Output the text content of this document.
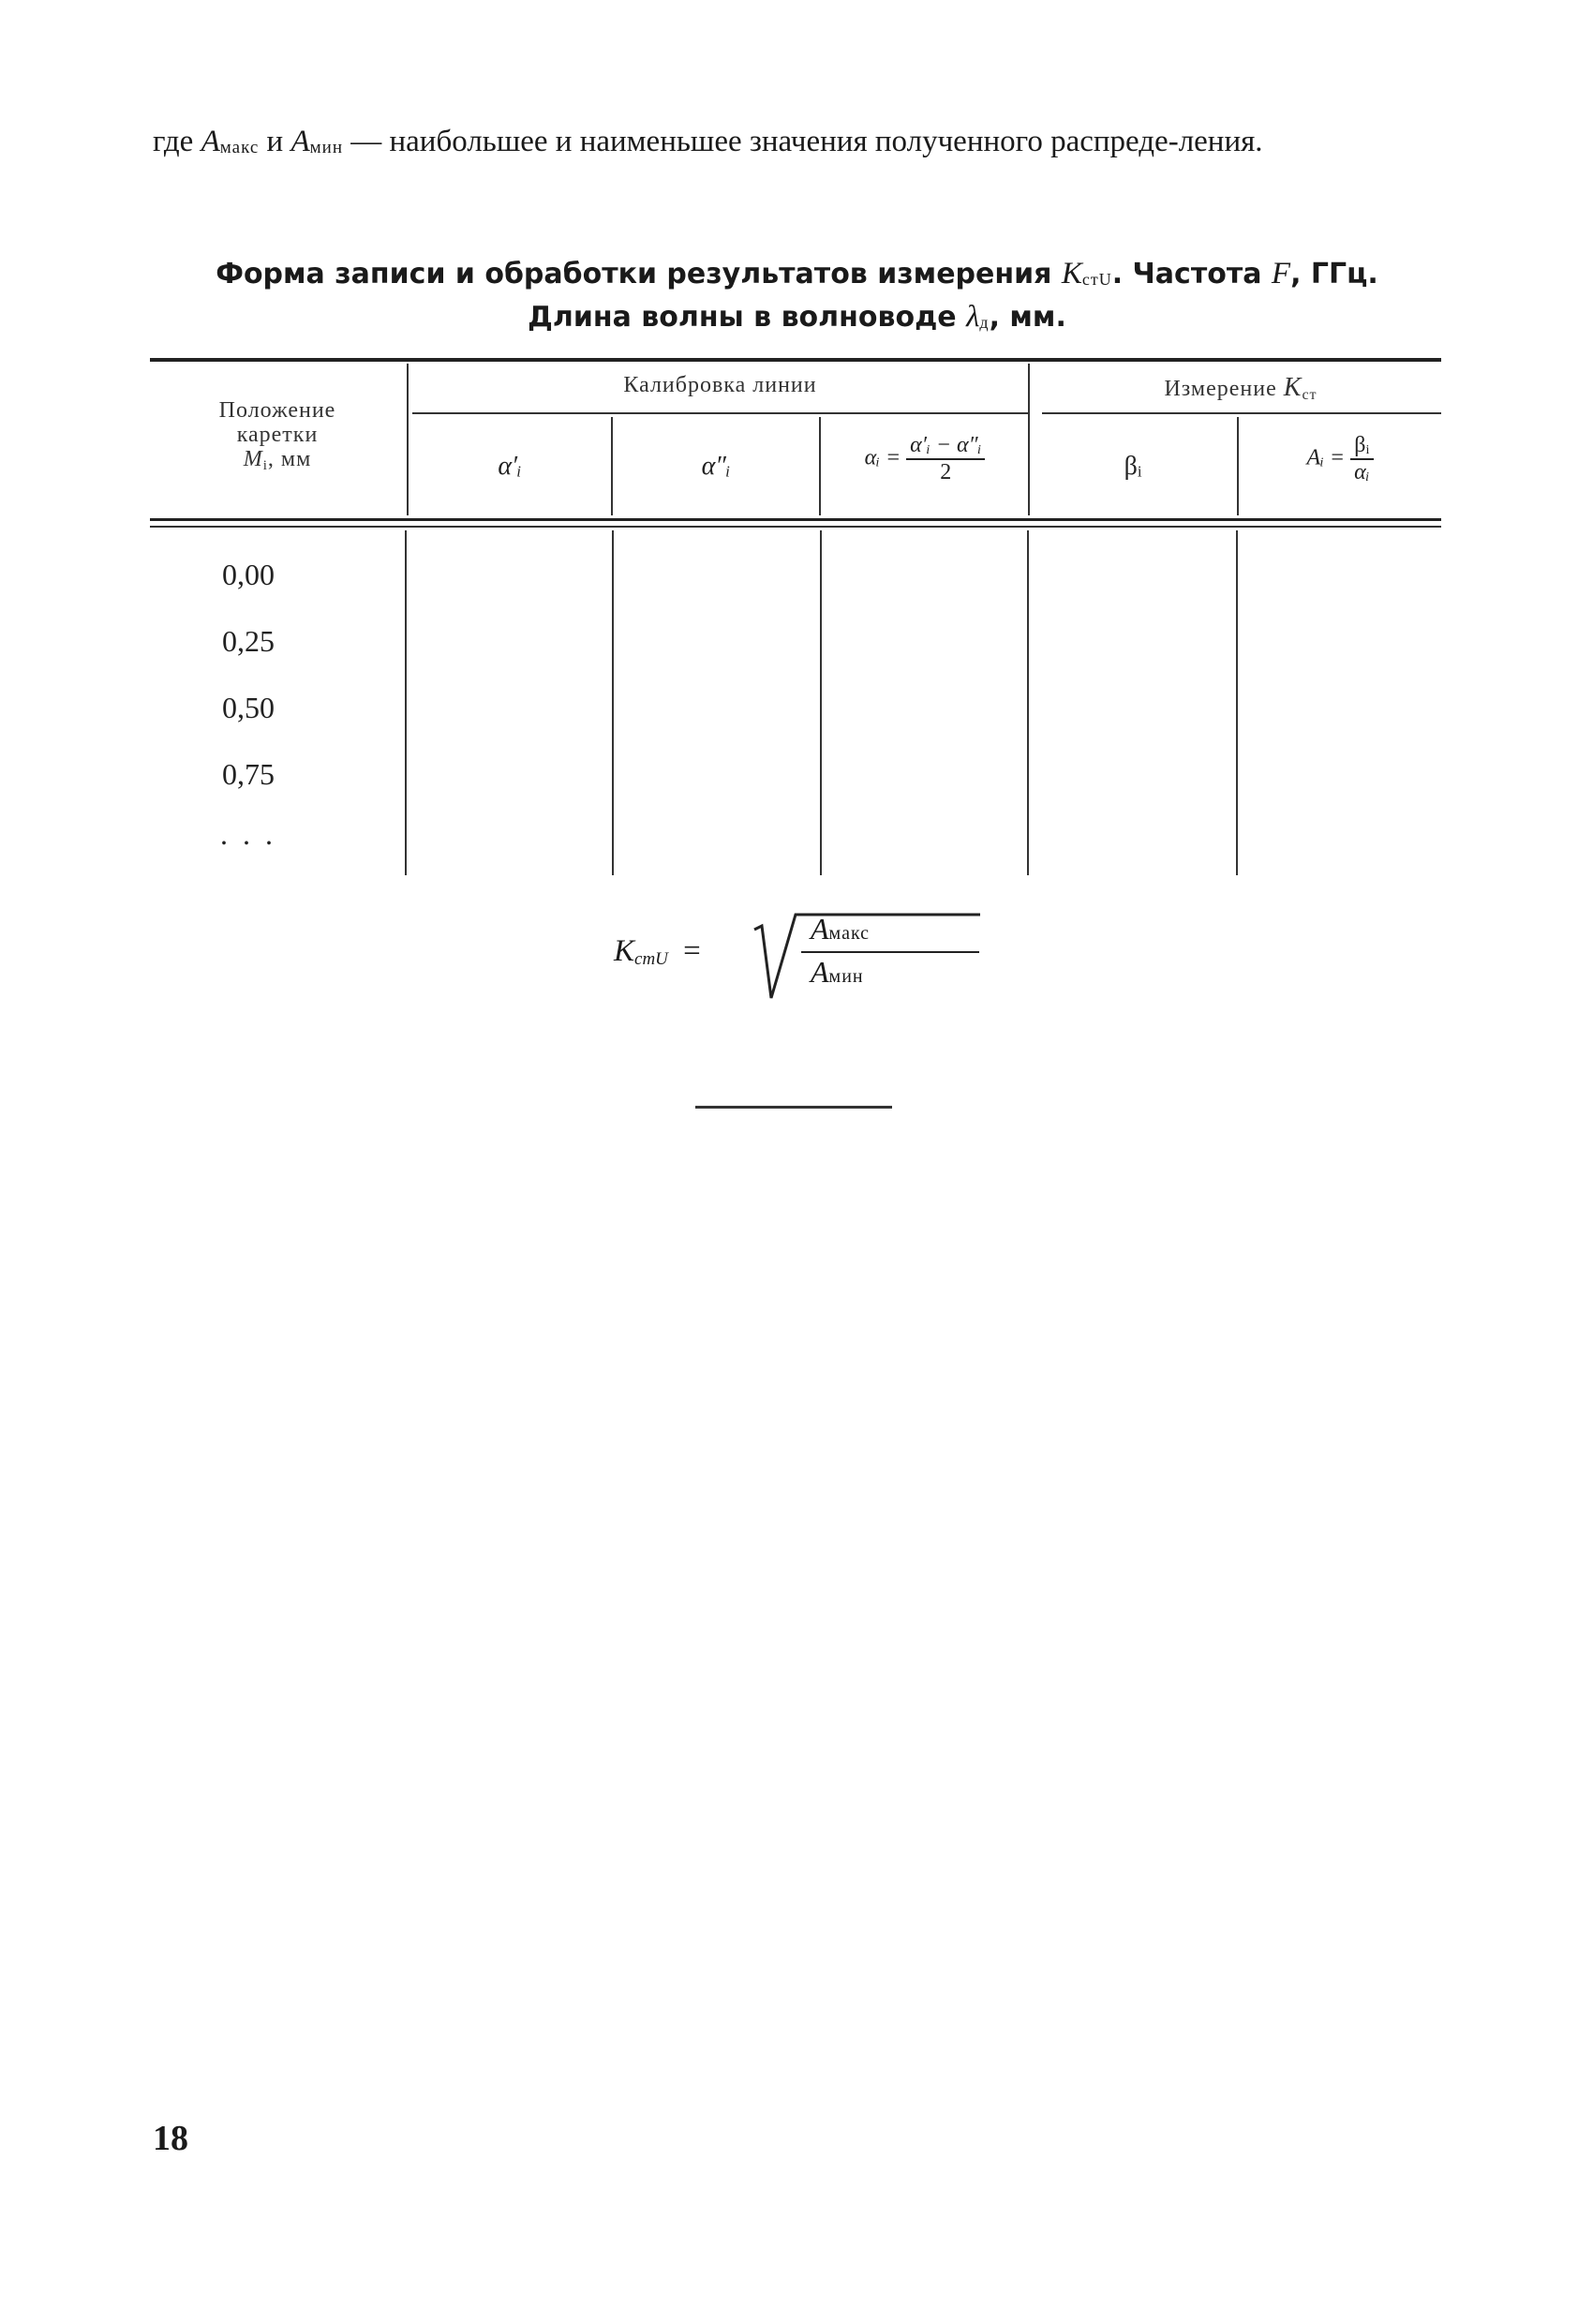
где Aмакс и Aмин — наибольшее и наименьшее значения полученного распреде-ления.
Форма записи и обработки результатов измерения KстU. Частота F, ГГц.
Длина волны в волноводе λд, мм.
Положение
каретки
Mi, мм
Калибровка линии	Измерение Kст
α′ᵢ	α″ᵢ	αᵢ = $\frac{\text{α′ᵢ − α″ᵢ}}{2}$	βᵢ	Aᵢ = $\frac{\text{βᵢ}}{\text{αᵢ}}$
0,00
0,25
0,50
0,75
. . .
KстU =
Aмакс
Aмин
18
